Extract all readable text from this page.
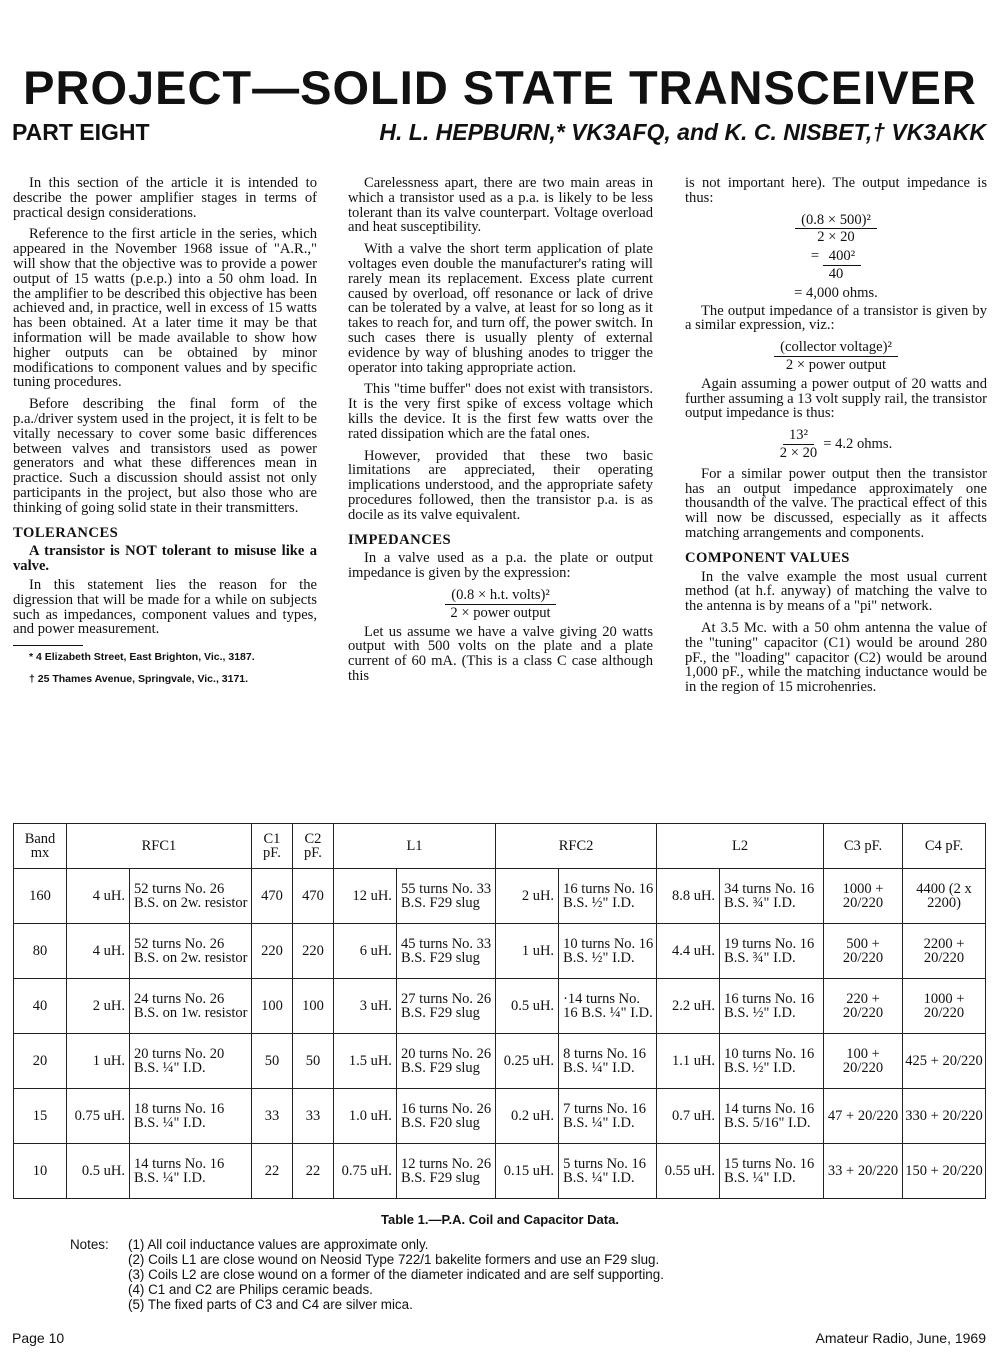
PROJECT—SOLID STATE TRANSCEIVER
PART EIGHT	H. L. HEPBURN,* VK3AFQ, and K. C. NISBET,† VK3AKK

In this section of the article it is intended to describe the power amplifier stages in terms of practical design considerations.

Reference to the first article in the series, which appeared in the November 1968 issue of "A.R.," will show that the objective was to provide a power output of 15 watts (p.e.p.) into a 50 ohm load. In the amplifier to be described this objective has been achieved and, in practice, well in excess of 15 watts has been obtained. At a later time it may be that information will be made available to show how higher outputs can be obtained by minor modifications to component values and by specific tuning procedures.

Before describing the final form of the p.a./driver system used in the project, it is felt to be vitally necessary to cover some basic differences between valves and transistors used as power generators and what these differences mean in practice. Such a discussion should assist not only participants in the project, but also those who are thinking of going solid state in their transmitters.

TOLERANCES

A transistor is NOT tolerant to misuse like a valve.

In this statement lies the reason for the digression that will be made for a while on subjects such as impedances, component values and types, and power measurement.

* 4 Elizabeth Street, East Brighton, Vic., 3187.

† 25 Thames Avenue, Springvale, Vic., 3171.

Carelessness apart, there are two main areas in which a transistor used as a p.a. is likely to be less tolerant than its valve counterpart. Voltage overload and heat susceptibility.

With a valve the short term application of plate voltages even double the manufacturer's rating will rarely mean its replacement. Excess plate current caused by overload, off resonance or lack of drive can be tolerated by a valve, at least for so long as it takes to reach for, and turn off, the power switch. In such cases there is usually plenty of external evidence by way of blushing anodes to trigger the operator into taking appropriate action.

This "time buffer" does not exist with transistors. It is the very first spike of excess voltage which kills the device. It is the first few watts over the rated dissipation which are the fatal ones.

However, provided that these two basic limitations are appreciated, their operating implications understood, and the appropriate safety procedures followed, then the transistor p.a. is as docile as its valve equivalent.

IMPEDANCES

In a valve used as a p.a. the plate or output impedance is given by the expression:

(0.8 × h.t. volts)²
2 × power output

Let us assume we have a valve giving 20 watts output with 500 volts on the plate and a plate current of 60 mA. (This is a class C case although this

is not important here). The output impedance is thus:

(0.8 × 500)²
2 × 20
= 400²
40
= 4,000 ohms.

The output impedance of a transistor is given by a similar expression, viz.:

(collector voltage)²
2 × power output

Again assuming a power output of 20 watts and further assuming a 13 volt supply rail, the transistor output impedance is thus:

$\frac{\text{13²}}{2 \times 20} = 4.2$ ohms.

For a similar power output then the transistor has an output impedance approximately one thousandth of the valve. The practical effect of this will now be discussed, especially as it affects matching arrangements and components.

COMPONENT VALUES

In the valve example the most usual current method (at h.f. anyway) of matching the valve to the antenna is by means of a "pi" network.

At 3.5 Mc. with a 50 ohm antenna the value of the "tuning" capacitor (C1) would be around 280 pF., the "loading" capacitor (C2) would be around 1,000 pF., while the matching inductance would be in the region of 15 microhenries.

Band mx	RFC1		C1 pF.	C2 pF.	L1		RFC2		L2		C3 pF.	C4 pF.
160	4 uH.	52 turns No. 26 B.S. on 2w. resistor	470	470	12 uH.	55 turns No. 33 B.S. F29 slug	2 uH.	16 turns No. 16 B.S. ½" I.D.	8.8 uH.	34 turns No. 16 B.S. ¾" I.D.	1000 + 20/220	4400 (2 x 2200)
80	4 uH.	52 turns No. 26 B.S. on 2w. resistor	220	220	6 uH.	45 turns No. 33 B.S. F29 slug	1 uH.	10 turns No. 16 B.S. ½" I.D.	4.4 uH.	19 turns No. 16 B.S. ¾" I.D.	500 + 20/220	2200 + 20/220
40	2 uH.	24 turns No. 26 B.S. on 1w. resistor	100	100	3 uH.	27 turns No. 26 B.S. F29 slug	0.5 uH.	·14 turns No. 16 B.S. ¼" I.D.	2.2 uH.	16 turns No. 16 B.S. ½" I.D.	220 + 20/220	1000 + 20/220
20	1 uH.	20 turns No. 20 B.S. ¼" I.D.	50	50	1.5 uH.	20 turns No. 26 B.S. F29 slug	0.25 uH.	8 turns No. 16 B.S. ¼" I.D.	1.1 uH.	10 turns No. 16 B.S. ½" I.D.	100 + 20/220	425 + 20/220
15	0.75 uH.	18 turns No. 16 B.S. ¼" I.D.	33	33	1.0 uH.	16 turns No. 26 B.S. F20 slug	0.2 uH.	7 turns No. 16 B.S. ¼" I.D.	0.7 uH.	14 turns No. 16 B.S. 5/16" I.D.	47 + 20/220	330 + 20/220
10	0.5 uH.	14 turns No. 16 B.S. ¼" I.D.	22	22	0.75 uH.	12 turns No. 26 B.S. F29 slug	0.15 uH.	5 turns No. 16 B.S. ¼" I.D.	0.55 uH.	15 turns No. 16 B.S. ¼" I.D.	33 + 20/220	150 + 20/220
Table 1.—P.A. Coil and Capacitor Data.
Notes: (1) All coil inductance values are approximate only.
(2) Coils L1 are close wound on Neosid Type 722/1 bakelite formers and use an F29 slug.
(3) Coils L2 are close wound on a former of the diameter indicated and are self supporting.
(4) C1 and C2 are Philips ceramic beads.
(5) The fixed parts of C3 and C4 are silver mica.
Page 10	Amateur Radio, June, 1969
